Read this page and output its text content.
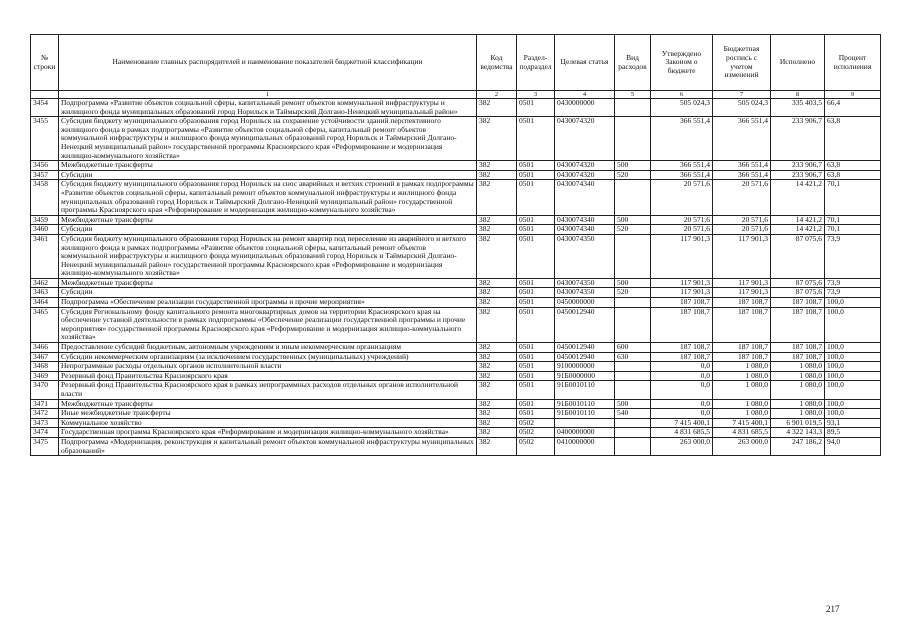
№ строки	Наименование главных распорядителей и наименование показателей бюджетной классификации	Код ведомства	Раздел-подраздел	Целевая статья	Вид расходов	Утверждено Законом о бюджете	Бюджетная роспись с учетом изменений	Исполнено	Процент исполнения
	1	2	3	4	5	6	7	8	9
3454	Подпрограмма «Развитие объектов социальной сферы, капитальный ремонт объектов коммунальной инфраструктуры и жилищного фонда муниципальных образований город Норильск и Таймырский Долгано-Ненецкий муниципальный район»	382	0501	0430000000		505 024,3	505 024,3	335 403,5	66,4
3455	Субсидия бюджету муниципального образования город Норильск на сохранение устойчивости зданий перспективного жилищного фонда в рамках подпрограммы «Развитие объектов социальной сферы, капитальный ремонт объектов коммунальной инфраструктуры и жилищного фонда муниципальных образований город Норильск и Таймырский Долгано-Ненецкий муниципальный район» государственной программы Красноярского края «Реформирование и модернизация жилищно-коммунального хозяйства»	382	0501	0430074320		366 551,4	366 551,4	233 906,7	63,8
3456	Межбюджетные трансферты	382	0501	0430074320	500	366 551,4	366 551,4	233 906,7	63,8
3457	Субсидии	382	0501	0430074320	520	366 551,4	366 551,4	233 906,7	63,8
3458	Субсидия бюджету муниципального образования город Норильск на снос аварийных и ветхих строений в рамках подпрограммы «Развитие объектов социальной сферы, капитальный ремонт объектов коммунальной инфраструктуры и жилищного фонда муниципальных образований город Норильск и Таймырский Долгано-Ненецкий муниципальный район» государственной программы Красноярского края «Реформирование и модернизация жилищно-коммунального хозяйства»	382	0501	0430074340		20 571,6	20 571,6	14 421,2	70,1
3459	Межбюджетные трансферты	382	0501	0430074340	500	20 571,6	20 571,6	14 421,2	70,1
3460	Субсидии	382	0501	0430074340	520	20 571,6	20 571,6	14 421,2	70,1
3461	Субсидия бюджету муниципального образования город Норильск на ремонт квартир под переселение из аварийного и ветхого жилищного фонда в рамках подпрограммы «Развитие объектов социальной сферы, капитальный ремонт объектов коммунальной инфраструктуры и жилищного фонда муниципальных образований город Норильск и Таймырский Долгано-Ненецкий муниципальный район» государственной программы Красноярского края «Реформирование и модернизация жилищно-коммунального хозяйства»	382	0501	0430074350		117 901,3	117 901,3	87 075,6	73,9
3462	Межбюджетные трансферты	382	0501	0430074350	500	117 901,3	117 901,3	87 075,6	73,9
3463	Субсидии	382	0501	0430074350	520	117 901,3	117 901,3	87 075,6	73,9
3464	Подпрограмма «Обеспечение реализации государственной программы и прочие мероприятия»	382	0501	0450000000		187 108,7	187 108,7	187 108,7	100,0
3465	Субсидия Региональному фонду капитального ремонта многоквартирных домов на территории Красноярского края на обеспечение уставной деятельности в рамках подпрограммы «Обеспечение реализации государственной программы и прочие мероприятия» государственной программы Красноярского края «Реформирование и модернизация жилищно-коммунального хозяйства»	382	0501	0450012940		187 108,7	187 108,7	187 108,7	100,0
3466	Предоставление субсидий бюджетным, автономным учреждениям и иным некоммерческим организациям	382	0501	0450012940	600	187 108,7	187 108,7	187 108,7	100,0
3467	Субсидии некоммерческим организациям (за исключением государственных (муниципальных) учреждений)	382	0501	0450012940	630	187 108,7	187 108,7	187 108,7	100,0
3468	Непрограммные расходы отдельных органов исполнительной власти	382	0501	9100000000		0,0	1 080,0	1 080,0	100,0
3469	Резервный фонд Правительства Красноярского края	382	0501	91Б0000000		0,0	1 080,0	1 080,0	100,0
3470	Резервный фонд Правительства Красноярского края в рамках непрограммных расходов отдельных органов исполнительной власти	382	0501	91Б0010110		0,0	1 080,0	1 080,0	100,0
3471	Межбюджетные трансферты	382	0501	91Б0010110	500	0,0	1 080,0	1 080,0	100,0
3472	Иные межбюджетные трансферты	382	0501	91Б0010110	540	0,0	1 080,0	1 080,0	100,0
3473	Коммунальное хозяйство	382	0502			7 415 400,1	7 415 400,1	6 901 019,5	93,1
3474	Государственная программа Красноярского края «Реформирование и модернизация жилищно-коммунального хозяйства»	382	0502	0400000000		4 831 685,5	4 831 685,5	4 322 143,3	89,5
3475	Подпрограмма «Модернизация, реконструкция и капитальный ремонт объектов коммунальной инфраструктуры муниципальных образований»	382	0502	0410000000		263 000,0	263 000,0	247 186,2	94,0
217
